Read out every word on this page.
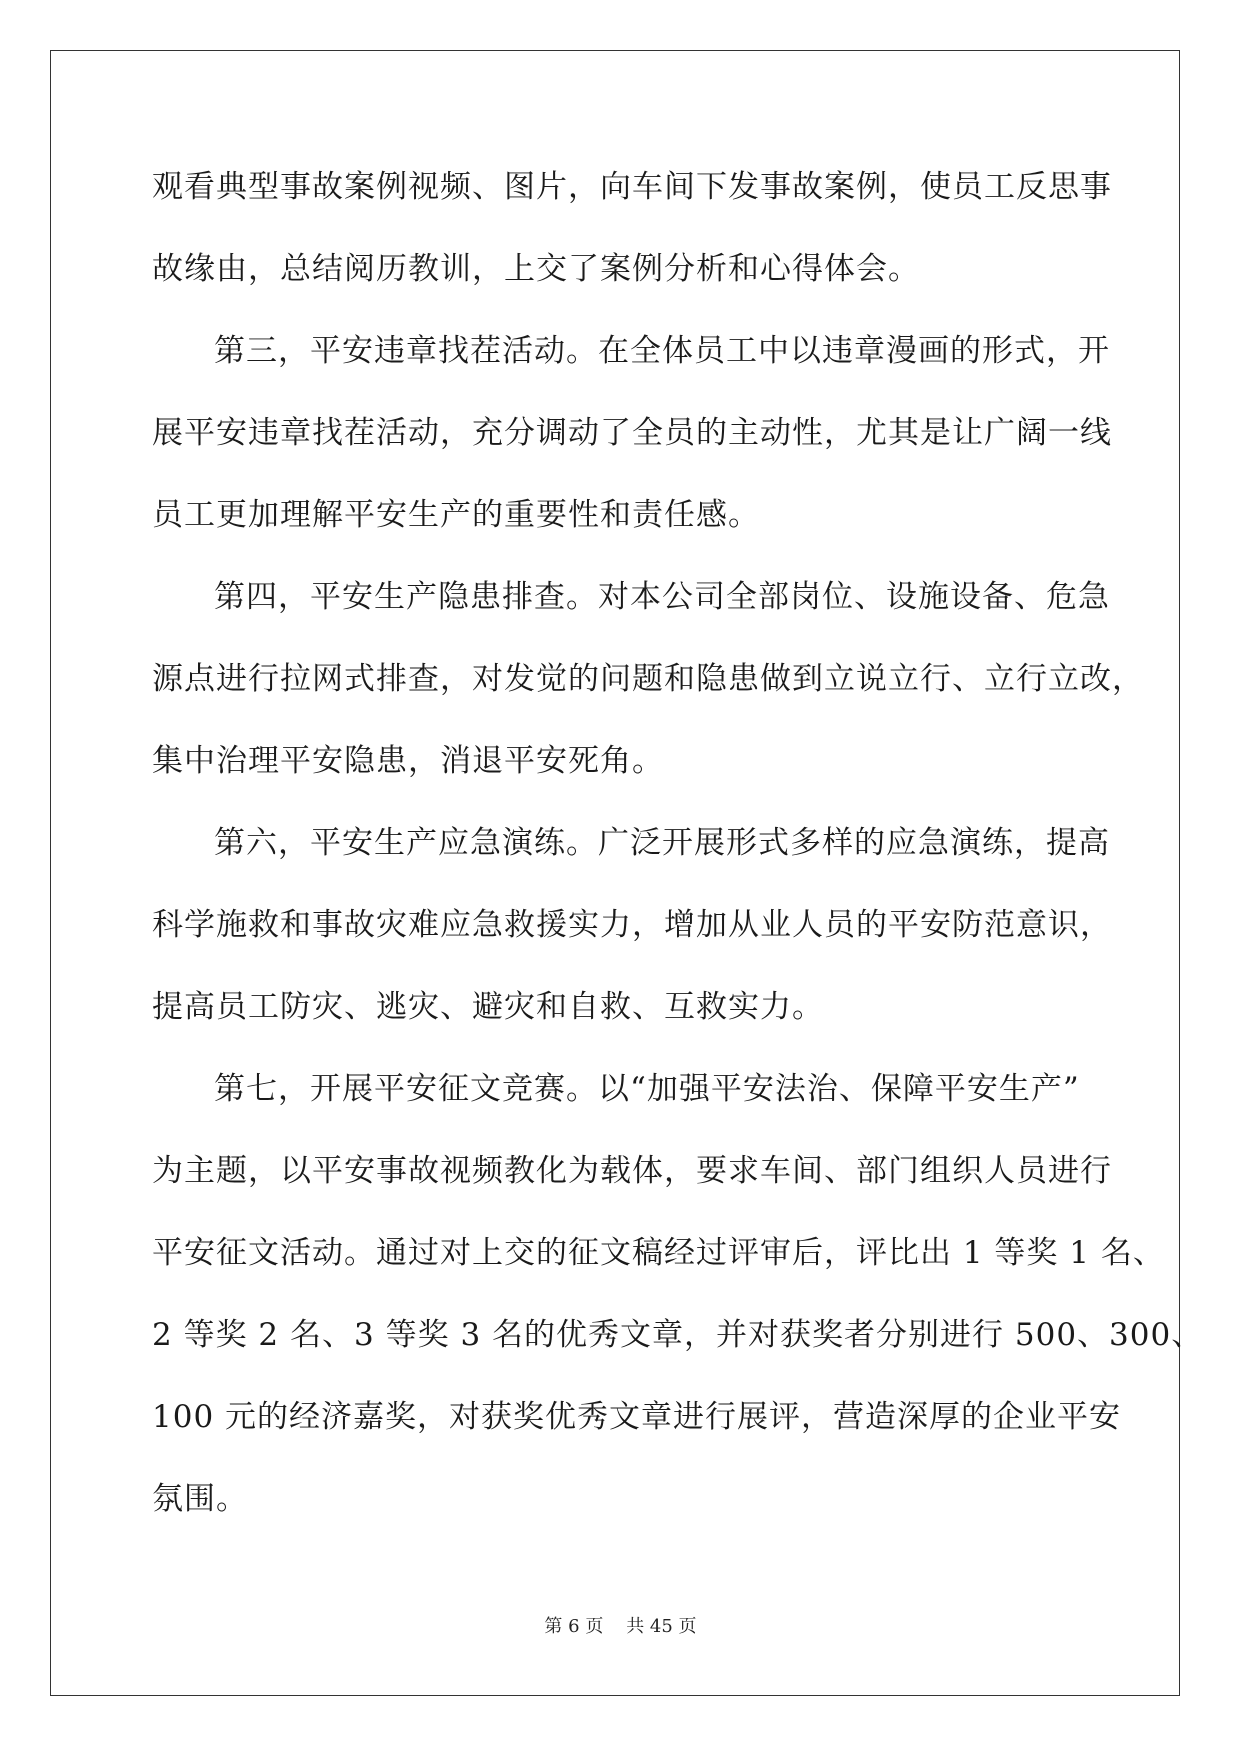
观看典型事故案例视频、图片，向车间下发事故案例，使员工反思事
故缘由，总结阅历教训，上交了案例分析和心得体会。
第三，平安违章找茬活动。在全体员工中以违章漫画的形式，开
展平安违章找茬活动，充分调动了全员的主动性，尤其是让广阔一线
员工更加理解平安生产的重要性和责任感。
第四，平安生产隐患排查。对本公司全部岗位、设施设备、危急
源点进行拉网式排查，对发觉的问题和隐患做到立说立行、立行立改，
集中治理平安隐患，消退平安死角。
第六，平安生产应急演练。广泛开展形式多样的应急演练，提高
科学施救和事故灾难应急救援实力，增加从业人员的平安防范意识，
提高员工防灾、逃灾、避灾和自救、互救实力。
第七，开展平安征文竞赛。以“加强平安法治、保障平安生产”
为主题，以平安事故视频教化为载体，要求车间、部门组织人员进行
平安征文活动。通过对上交的征文稿经过评审后，评比出 1 等奖 1 名、
2 等奖 2 名、3 等奖 3 名的优秀文章，并对获奖者分别进行 500、300、
100 元的经济嘉奖，对获奖优秀文章进行展评，营造深厚的企业平安
氛围。
第 6 页    共 45 页
